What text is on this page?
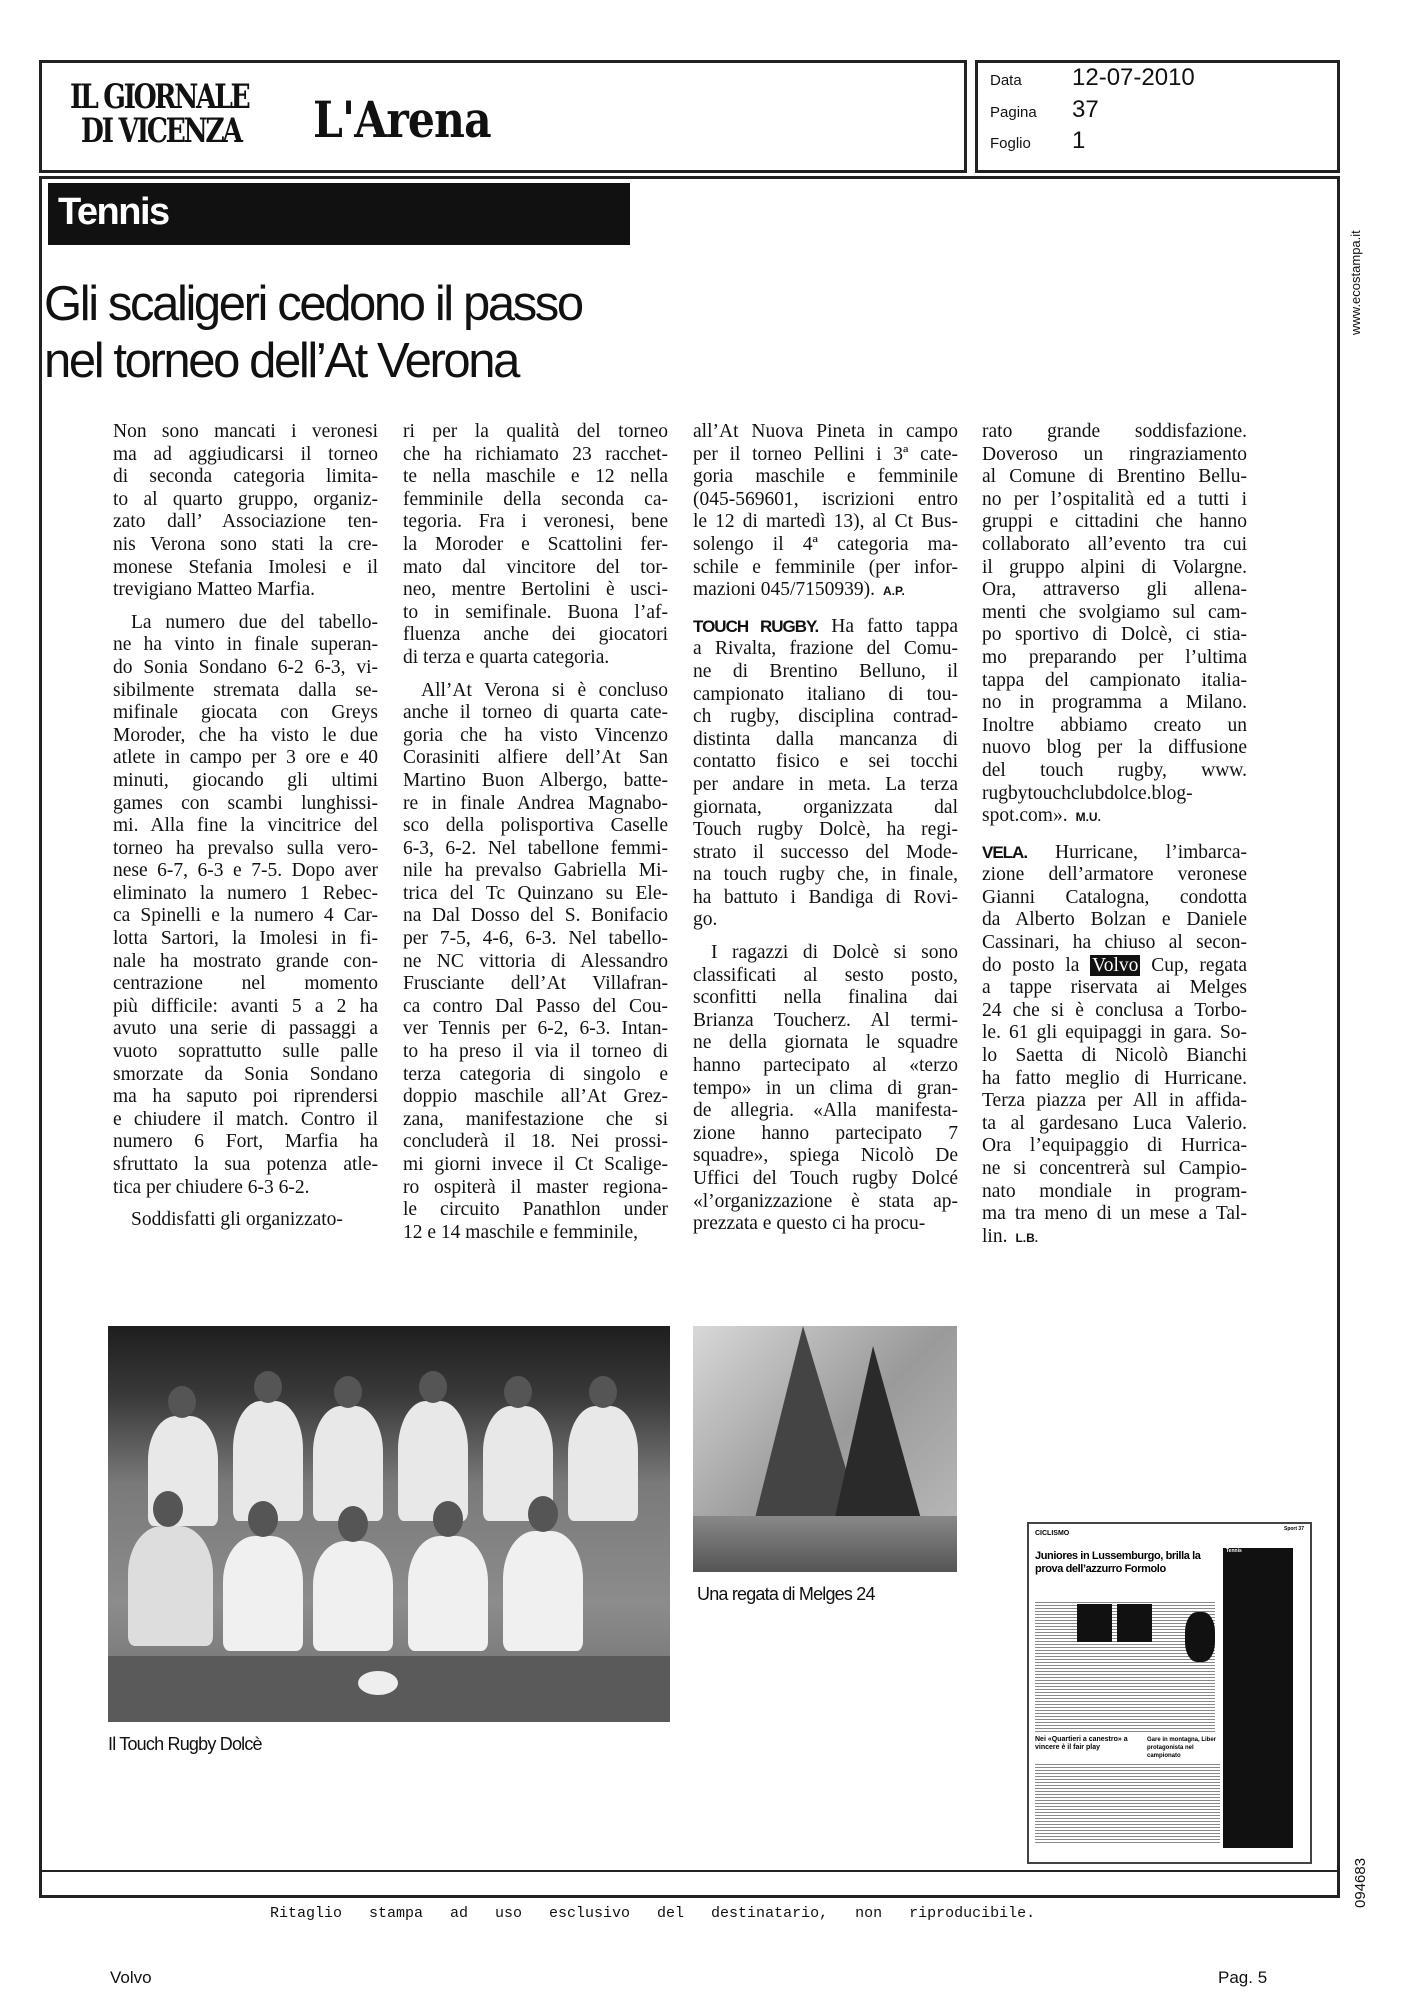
IL GIORNALE
DI VICENZA L'Arena
Data 12-07-2010
Pagina 37
Foglio 1
Ritaglio stampa ad uso esclusivo del destinatario, non riproducibile.
www.ecostampa.it
094683
Tennis
Gli scaligeri cedono il passo
nel torneo dell’At Verona
Non sono mancati i veronesi
ma ad aggiudicarsi il torneo
di seconda categoria limita-
to al quarto gruppo, organiz-
zato dall’ Associazione ten-
nis Verona sono stati la cre-
monese Stefania Imolesi e il
trevigiano Matteo Marfia.
La numero due del tabello-
ne ha vinto in finale superan-
do Sonia Sondano 6-2 6-3, vi-
sibilmente stremata dalla se-
mifinale giocata con Greys
Moroder, che ha visto le due
atlete in campo per 3 ore e 40
minuti, giocando gli ultimi
games con scambi lunghissi-
mi. Alla fine la vincitrice del
torneo ha prevalso sulla vero-
nese 6-7, 6-3 e 7-5. Dopo aver
eliminato la numero 1 Rebec-
ca Spinelli e la numero 4 Car-
lotta Sartori, la Imolesi in fi-
nale ha mostrato grande con-
centrazione nel momento
più difficile: avanti 5 a 2 ha
avuto una serie di passaggi a
vuoto soprattutto sulle palle
smorzate da Sonia Sondano
ma ha saputo poi riprendersi
e chiudere il match. Contro il
numero 6 Fort, Marfia ha
sfruttato la sua potenza atle-
tica per chiudere 6-3 6-2.
Soddisfatti gli organizzato-
ri per la qualità del torneo
che ha richiamato 23 racchet-
te nella maschile e 12 nella
femminile della seconda ca-
tegoria. Fra i veronesi, bene
la Moroder e Scattolini fer-
mato dal vincitore del tor-
neo, mentre Bertolini è usci-
to in semifinale. Buona l’af-
fluenza anche dei giocatori
di terza e quarta categoria.
All’At Verona si è concluso
anche il torneo di quarta cate-
goria che ha visto Vincenzo
Corasiniti alfiere dell’At San
Martino Buon Albergo, batte-
re in finale Andrea Magnabo-
sco della polisportiva Caselle
6-3, 6-2. Nel tabellone femmi-
nile ha prevalso Gabriella Mi-
trica del Tc Quinzano su Ele-
na Dal Dosso del S. Bonifacio
per 7-5, 4-6, 6-3. Nel tabello-
ne NC vittoria di Alessandro
Frusciante dell’At Villafran-
ca contro Dal Passo del Cou-
ver Tennis per 6-2, 6-3. Intan-
to ha preso il via il torneo di
terza categoria di singolo e
doppio maschile all’At Grez-
zana, manifestazione che si
concluderà il 18. Nei prossi-
mi giorni invece il Ct Scalige-
ro ospiterà il master regiona-
le circuito Panathlon under
12 e 14 maschile e femminile,
all’At Nuova Pineta in campo
per il torneo Pellini i 3ª cate-
goria maschile e femminile
(045-569601, iscrizioni entro
le 12 di martedì 13), al Ct Bus-
solengo il 4ª categoria ma-
schile e femminile (per infor-
mazioni 045/7150939). A.P.
TOUCH RUGBY. Ha fatto tappa
a Rivalta, frazione del Comu-
ne di Brentino Belluno, il
campionato italiano di tou-
ch rugby, disciplina contrad-
distinta dalla mancanza di
contatto fisico e sei tocchi
per andare in meta. La terza
giornata, organizzata dal
Touch rugby Dolcè, ha regi-
strato il successo del Mode-
na touch rugby che, in finale,
ha battuto i Bandiga di Rovi-
go.
I ragazzi di Dolcè si sono
classificati al sesto posto,
sconfitti nella finalina dai
Brianza Toucherz. Al termi-
ne della giornata le squadre
hanno partecipato al «terzo
tempo» in un clima di gran-
de allegria. «Alla manifesta-
zione hanno partecipato 7
squadre», spiega Nicolò De
Uffici del Touch rugby Dolcé
«l’organizzazione è stata ap-
prezzata e questo ci ha procu-
rato grande soddisfazione.
Doveroso un ringraziamento
al Comune di Brentino Bellu-
no per l’ospitalità ed a tutti i
gruppi e cittadini che hanno
collaborato all’evento tra cui
il gruppo alpini di Volargne.
Ora, attraverso gli allena-
menti che svolgiamo sul cam-
po sportivo di Dolcè, ci stia-
mo preparando per l’ultima
tappa del campionato italia-
no in programma a Milano.
Inoltre abbiamo creato un
nuovo blog per la diffusione
del touch rugby, www.
rugbytouchclubdolce.blog-
spot.com». M.U.
VELA. Hurricane, l’imbarca-
zione dell’armatore veronese
Gianni Catalogna, condotta
da Alberto Bolzan e Daniele
Cassinari, ha chiuso al secon-
do posto la Volvo Cup, regata
a tappe riservata ai Melges
24 che si è conclusa a Torbo-
le. 61 gli equipaggi in gara. So-
lo Saetta di Nicolò Bianchi
ha fatto meglio di Hurricane.
Terza piazza per All in affida-
ta al gardesano Luca Valerio.
Ora l’equipaggio di Hurrica-
ne si concentrerà sul Campio-
nato mondiale in program-
ma tra meno di un mese a Tal-
lin. L.B.
Il Touch Rugby Dolcè
Una regata di Melges 24
CICLISMO
Sport 37
Juniores in Lussemburgo, brilla la prova dell’azzurro Formolo
Nei «Quartieri a canestro» a vincere è il fair play
Gare in montagna, Liber protagonista nel campionato
Tennis
Volvo	Pag. 5
